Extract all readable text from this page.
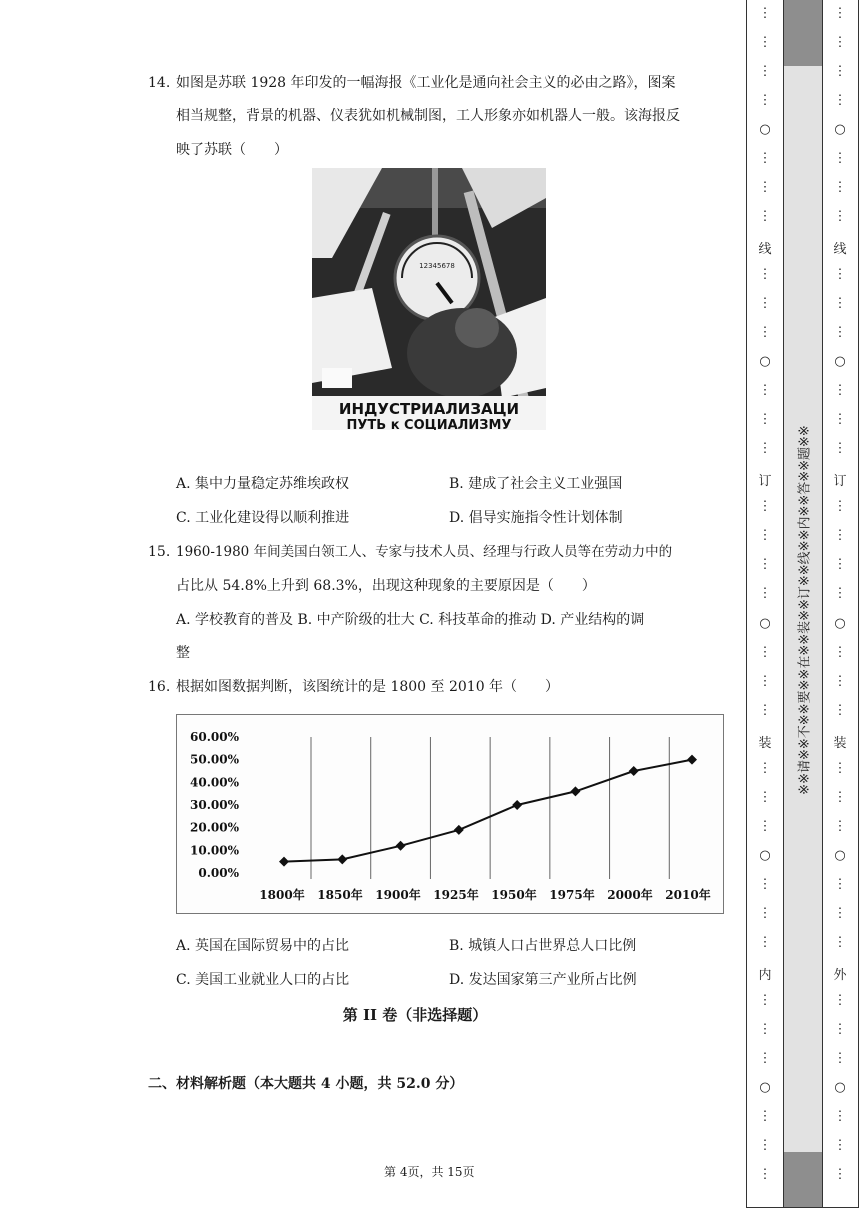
14. 如图是苏联 1928 年印发的一幅海报《工业化是通向社会主义的必由之路》，图案
相当规整，背景的机器、仪表犹如机械制图，工人形象亦如机器人一般。该海报反
映了苏联（　　）
12345678
ИНДУСТРИАЛИЗАЦИ
ПУТЬ к СОЦИАЛИЗМУ
A. 集中力量稳定苏维埃政权	B. 建成了社会主义工业强国
C. 工业化建设得以顺利推进	D. 倡导实施指令性计划体制
15. 1960-1980 年间美国白领工人、专家与技术人员、经理与行政人员等在劳动力中的
占比从 54.8%上升到 68.3%，出现这种现象的主要原因是（　　）
A. 学校教育的普及 B. 中产阶级的壮大 C. 科技革命的推动 D. 产业结构的调
整
16. 根据如图数据判断，该图统计的是 1800 至 2010 年（　　）
0.00%
10.00%
20.00%
30.00%
40.00%
50.00%
60.00%
1800年 1850年 1900年 1925年 1950年 1975年 2000年 2010年
A. 英国在国际贸易中的占比	B. 城镇人口占世界总人口比例
C. 美国工业就业人口的占比	D. 发达国家第三产业所占比例
第 II 卷（非选择题）
二、材料解析题（本大题共 4 小题，共 52.0 分）
第 4页，共 15页
⋮
⋮
⋮
⋮
○
⋮
⋮
⋮
线
⋮
⋮
⋮
○
⋮
⋮
⋮
订
⋮
⋮
⋮
⋮
○
⋮
⋮
⋮
装
⋮
⋮
⋮
○
⋮
⋮
⋮
内
⋮
⋮
⋮
○
⋮
⋮
⋮
※※请※※不※※要※※在※※装※※订※※线※※内※※答※※题※※
⋮
⋮
⋮
⋮
○
⋮
⋮
⋮
线
⋮
⋮
⋮
○
⋮
⋮
⋮
订
⋮
⋮
⋮
⋮
○
⋮
⋮
⋮
装
⋮
⋮
⋮
○
⋮
⋮
⋮
外
⋮
⋮
⋮
○
⋮
⋮
⋮
